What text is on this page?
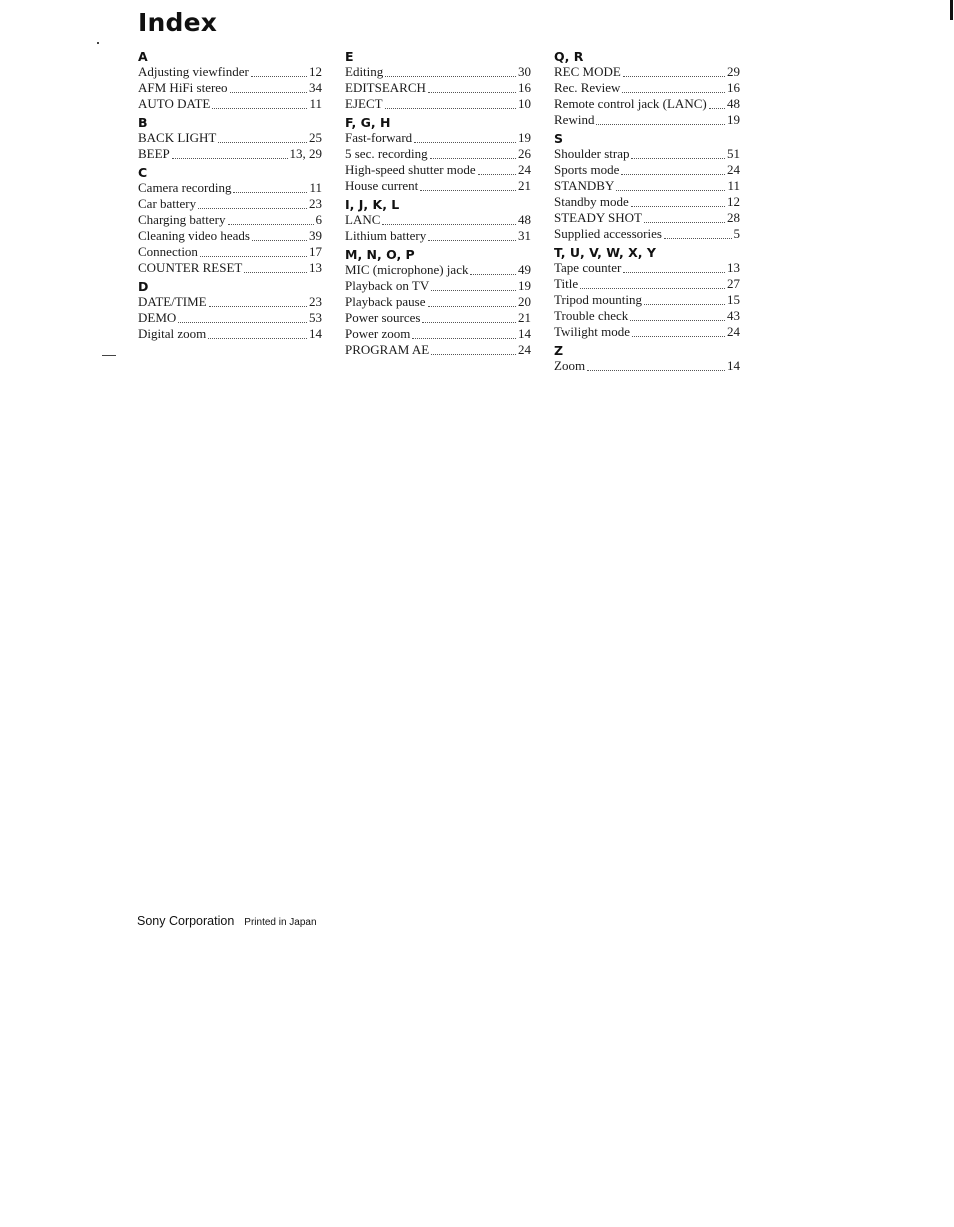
Index
A
Adjusting viewfinder	12
AFM HiFi stereo	34
AUTO DATE	11
B
BACK LIGHT	25
BEEP	13, 29
C
Camera recording	11
Car battery	23
Charging battery	6
Cleaning video heads	39
Connection	17
COUNTER RESET	13
D
DATE/TIME	23
DEMO	53
Digital zoom	14
E
Editing	30
EDITSEARCH	16
EJECT	10
F, G, H
Fast-forward	19
5 sec. recording	26
High-speed shutter mode	24
House current	21
I, J, K, L
LANC	48
Lithium battery	31
M, N, O, P
MIC (microphone) jack	49
Playback on TV	19
Playback pause	20
Power sources	21
Power zoom	14
PROGRAM AE	24
Q, R
REC MODE	29
Rec. Review	16
Remote control jack (LANC) 48
Rewind	19
S
Shoulder strap	51
Sports mode	24
STANDBY	11
Standby mode	12
STEADY SHOT	28
Supplied accessories	5
T, U, V, W, X, Y
Tape counter	13
Title	27
Tripod mounting	15
Trouble check	43
Twilight mode	24
Z
Zoom	14
Sony Corporation Printed in Japan
